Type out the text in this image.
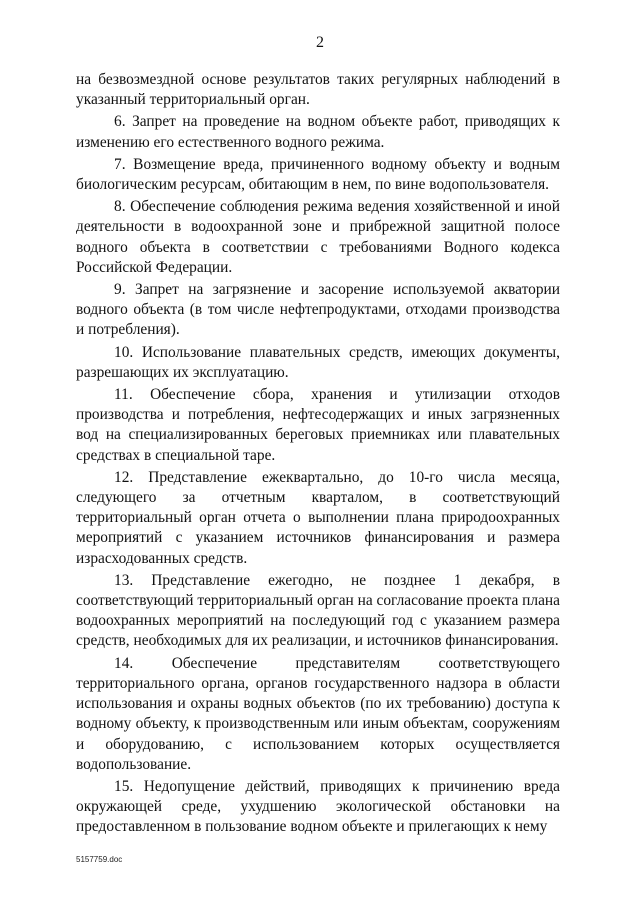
2

на безвозмездной основе результатов таких регулярных наблюдений в указанный территориальный орган.

6. Запрет на проведение на водном объекте работ, приводящих к изменению его естественного водного режима.

7. Возмещение вреда, причиненного водному объекту и водным биологическим ресурсам, обитающим в нем, по вине водопользователя.

8. Обеспечение соблюдения режима ведения хозяйственной и иной деятельности в водоохранной зоне и прибрежной защитной полосе водного объекта в соответствии с требованиями Водного кодекса Российской Федерации.

9. Запрет на загрязнение и засорение используемой акватории водного объекта (в том числе нефтепродуктами, отходами производства и потребления).

10. Использование плавательных средств, имеющих документы, разрешающих их эксплуатацию.

11. Обеспечение сбора, хранения и утилизации отходов производства и потребления, нефтесодержащих и иных загрязненных вод на специализированных береговых приемниках или плавательных средствах в специальной таре.

12. Представление ежеквартально, до 10-го числа месяца, следующего за отчетным кварталом, в соответствующий территориальный орган отчета о выполнении плана природоохранных мероприятий с указанием источников финансирования и размера израсходованных средств.

13. Представление ежегодно, не позднее 1 декабря, в соответствующий территориальный орган на согласование проекта плана водоохранных мероприятий на последующий год с указанием размера средств, необходимых для их реализации, и источников финансирования.

14. Обеспечение представителям соответствующего территориального органа, органов государственного надзора в области использования и охраны водных объектов (по их требованию) доступа к водному объекту, к производственным или иным объектам, сооружениям и оборудованию, с использованием которых осуществляется водопользование.

15. Недопущение действий, приводящих к причинению вреда окружающей среде, ухудшению экологической обстановки на предоставленном в пользование водном объекте и прилегающих к нему

5157759.doc
